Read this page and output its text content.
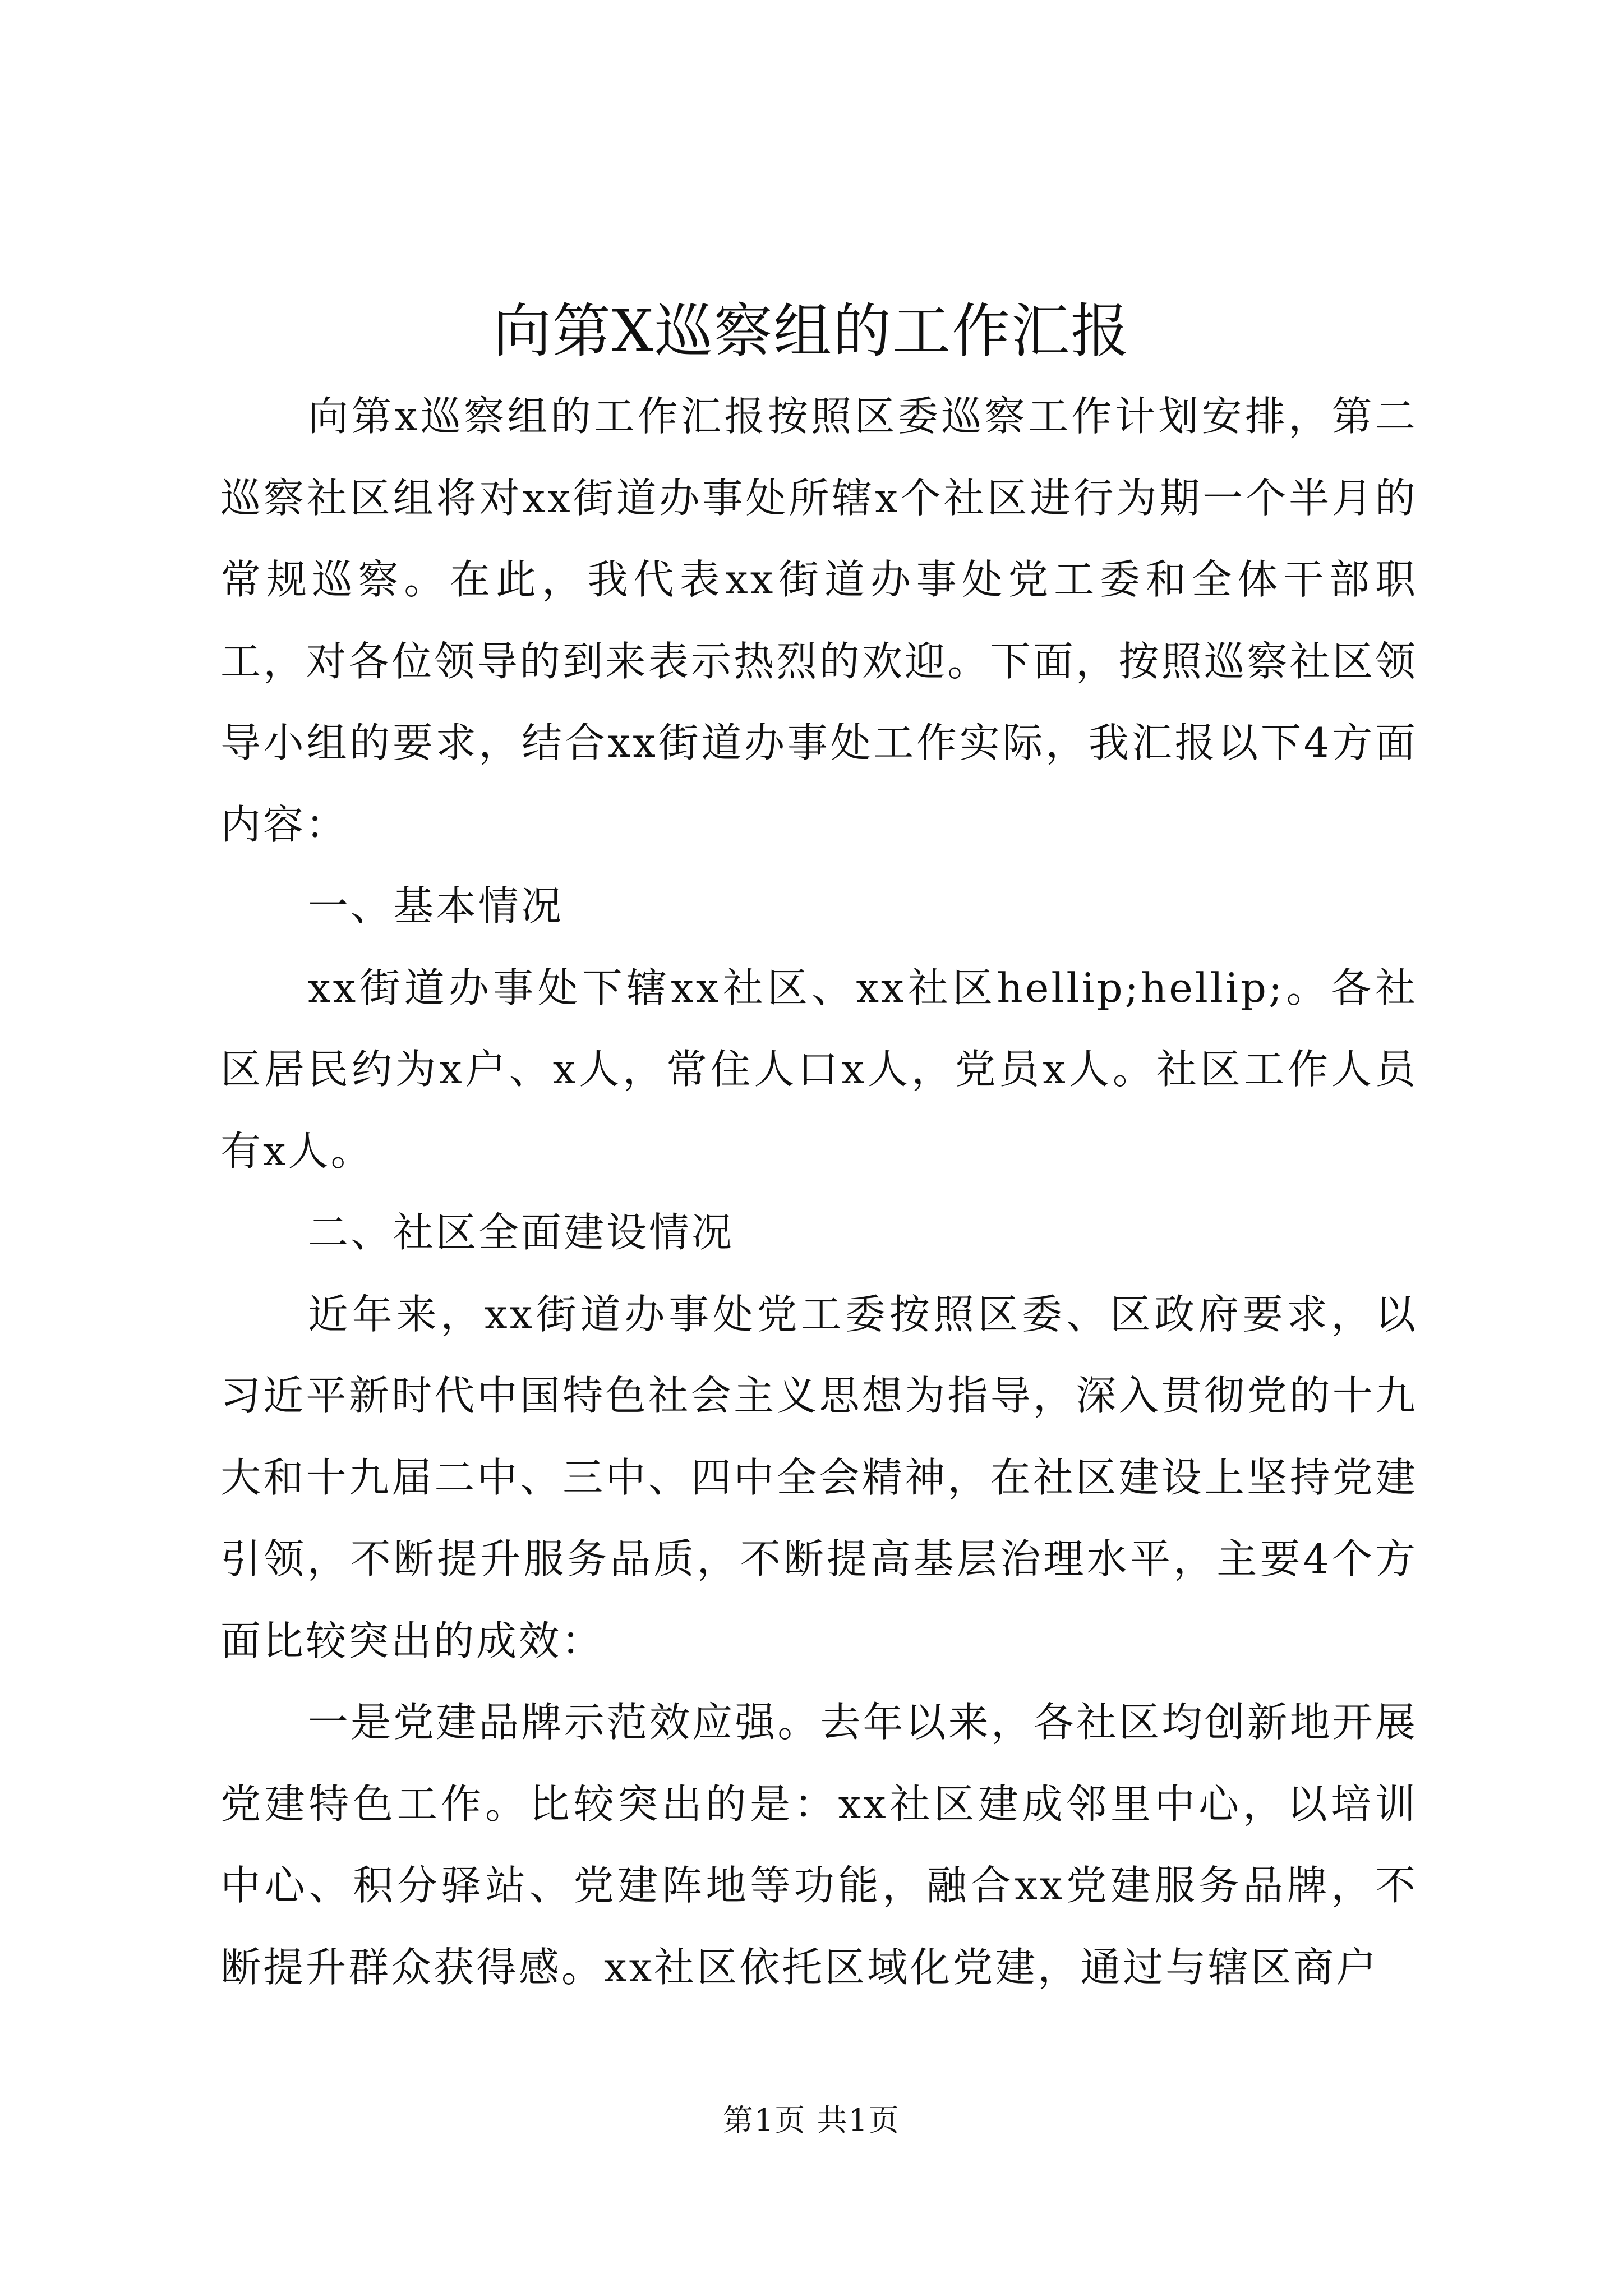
向第X巡察组的工作汇报

向第x巡察组的工作汇报按照区委巡察工作计划安排，第二巡察社区组将对xx街道办事处所辖x个社区进行为期一个半月的常规巡察。在此，我代表xx街道办事处党工委和全体干部职工，对各位领导的到来表示热烈的欢迎。下面，按照巡察社区领导小组的要求，结合xx街道办事处工作实际，我汇报以下4方面内容：

一、基本情况

xx街道办事处下辖xx社区、xx社区hellip;hellip;。各社区居民约为x户、x人，常住人口x人，党员x人。社区工作人员有x人。

二、社区全面建设情况

近年来，xx街道办事处党工委按照区委、区政府要求，以习近平新时代中国特色社会主义思想为指导，深入贯彻党的十九大和十九届二中、三中、四中全会精神，在社区建设上坚持党建引领，不断提升服务品质，不断提高基层治理水平，主要4个方面比较突出的成效：

一是党建品牌示范效应强。去年以来，各社区均创新地开展党建特色工作。比较突出的是：xx社区建成邻里中心，以培训中心、积分驿站、党建阵地等功能，融合xx党建服务品牌，不断提升群众获得感。xx社区依托区域化党建，通过与辖区商户

第1页 共1页
